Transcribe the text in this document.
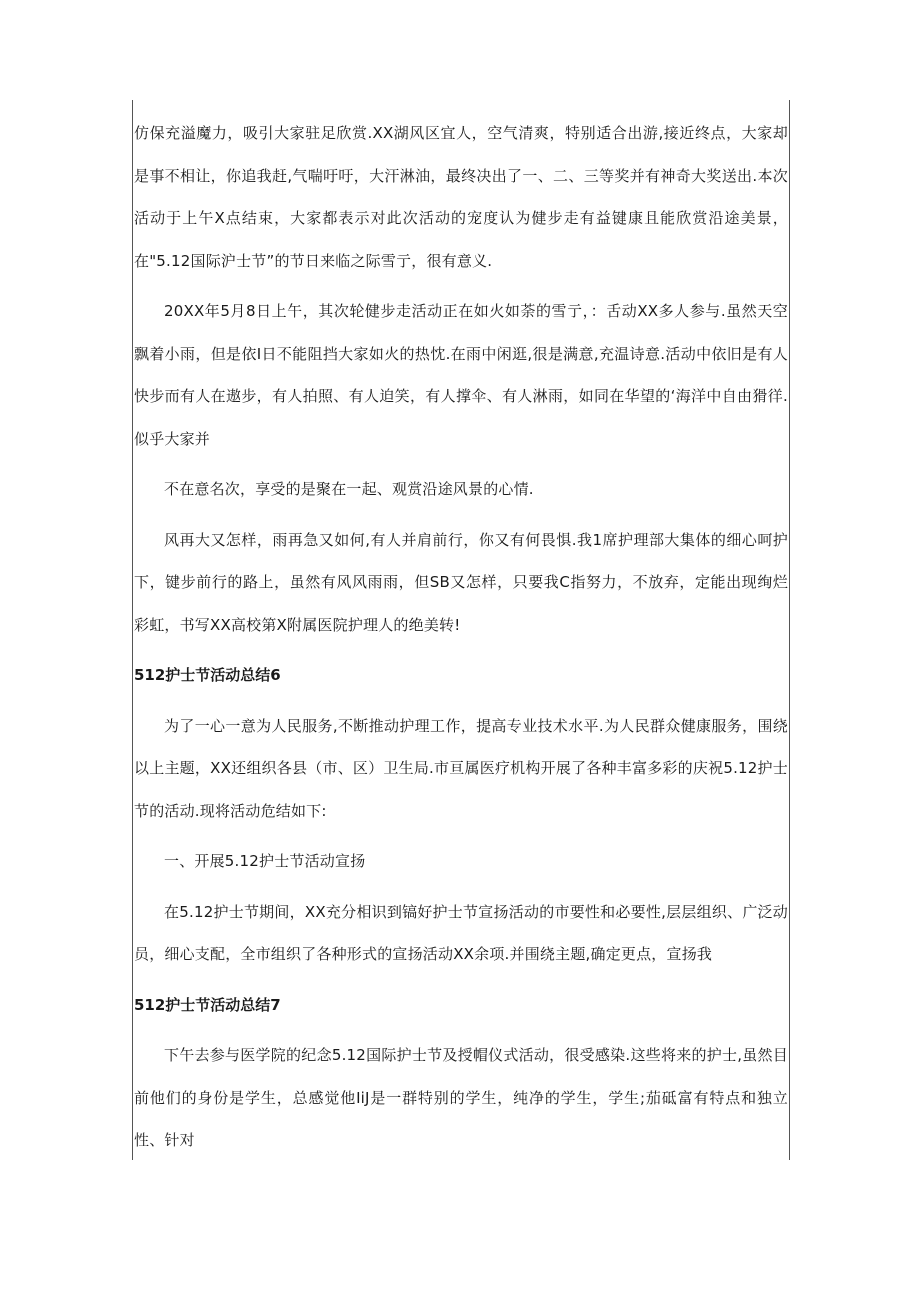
仿保充溢魔力，吸引大家驻足欣赏.XX湖风区宜人，空气清爽，特别适合出游,接近终点，大家却是事不相让，你追我赶,气喘吁吁，大汗淋油，最终决出了一、二、三等奖并有神奇大奖送出.本次活动于上午X点结束，大家都表示对此次活动的宠度认为健步走有益键康且能欣赏沿途美景，在"5.12国际沪士节”的节日来临之际雪亍，很有意义.

20XX年5月8日上午，其次轮健步走活动正在如火如荼的雪亍，：舌动XX多人参与.虽然天空飘着小雨，但是依I日不能阻挡大家如火的热忱.在雨中闲逛,很是满意,充温诗意.活动中依旧是有人快步而有人在遨步，有人拍照、有人迫笑，有人撑伞、有人淋雨，如同在华望的‘海洋中自由猾徉.似乎大家并

不在意名次，享受的是聚在一起、观赏沿途风景的心情.

风再大又怎样，雨再急又如何,有人并肩前行，你又有何畏惧.我1席护理部大集体的细心呵护下，键步前行的路上，虽然有风风雨雨，但SB又怎样，只要我C指努力，不放弃，定能出现绚烂彩虹，书写XX高校第X附属医院护理人的绝美转!

512护士节活动总结6

为了一心一意为人民服务,不断推动护理工作，提高专业技术水平.为人民群众健康服务，围绕以上主题，XX还组织各县（市、区）卫生局.市亘属医疗机构开展了各种丰富多彩的庆祝5.12护士节的活动.现将活动危结如下:

一、开展5.12护士节活动宣扬

在5.12护士节期间，XX充分相识到镐好护士节宣扬活动的市要性和必要性,层层组织、广泛动员，细心支配，全市组织了各种形式的宣扬活动XX余项.并围绕主题,确定更点，宣扬我

512护士节活动总结7

下午去参与医学院的纪念5.12国际护士节及授帽仪式活动，很受感染.这些将来的护士,虽然目前他们的身份是学生，总感觉他IiJ是一群特别的学生，纯净的学生，学生;茄砥富有特点和独立性、针对
